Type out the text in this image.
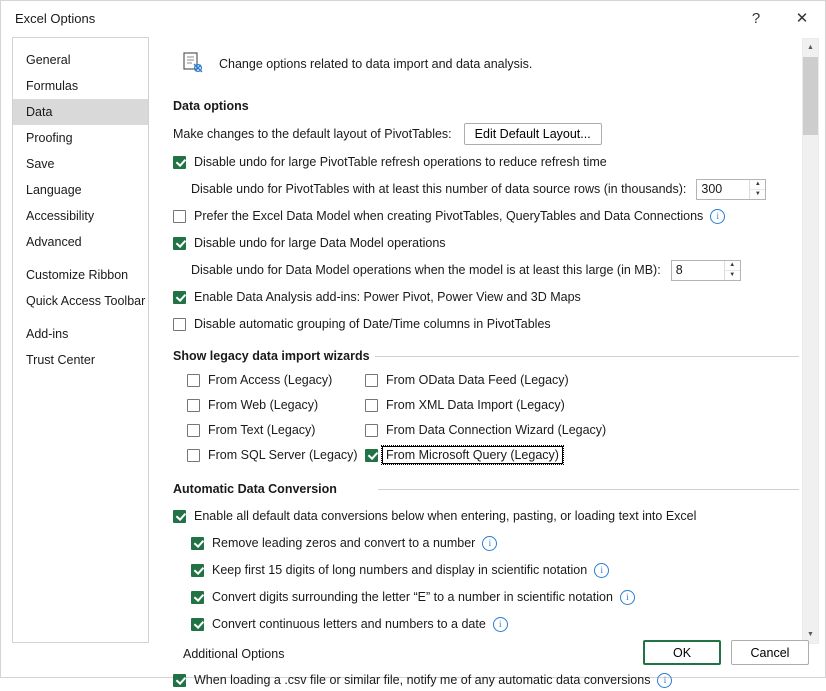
Excel Options	?	✕
General
Formulas
Data
Proofing
Save
Language
Accessibility
Advanced
Customize Ribbon
Quick Access Toolbar
Add-ins
Trust Center
Change options related to data import and data analysis.
Data options
Make changes to the default layout of PivotTables:	Edit Default Layout...
Disable undo for large PivotTable refresh operations to reduce refresh time
Disable undo for PivotTables with at least this number of data source rows (in thousands):
300	▲
▼
Prefer the Excel Data Model when creating PivotTables, QueryTables and Data Connections	i
Disable undo for large Data Model operations
Disable undo for Data Model operations when the model is at least this large (in MB):
8	▲
▼
Enable Data Analysis add-ins: Power Pivot, Power View and 3D Maps
Disable automatic grouping of Date/Time columns in PivotTables
Show legacy data import wizards
From Access (Legacy)	From OData Data Feed (Legacy)
From Web (Legacy)	From XML Data Import (Legacy)
From Text (Legacy)	From Data Connection Wizard (Legacy)
From SQL Server (Legacy)	From Microsoft Query (Legacy)
Automatic Data Conversion
Enable all default data conversions below when entering, pasting, or loading text into Excel
Remove leading zeros and convert to a number	i
Keep first 15 digits of long numbers and display in scientific notation	i
Convert digits surrounding the letter “E” to a number in scientific notation	i
Convert continuous letters and numbers to a date	i
Additional Options
When loading a .csv file or similar file, notify me of any automatic data conversions	i
▲
▼
OK	Cancel
